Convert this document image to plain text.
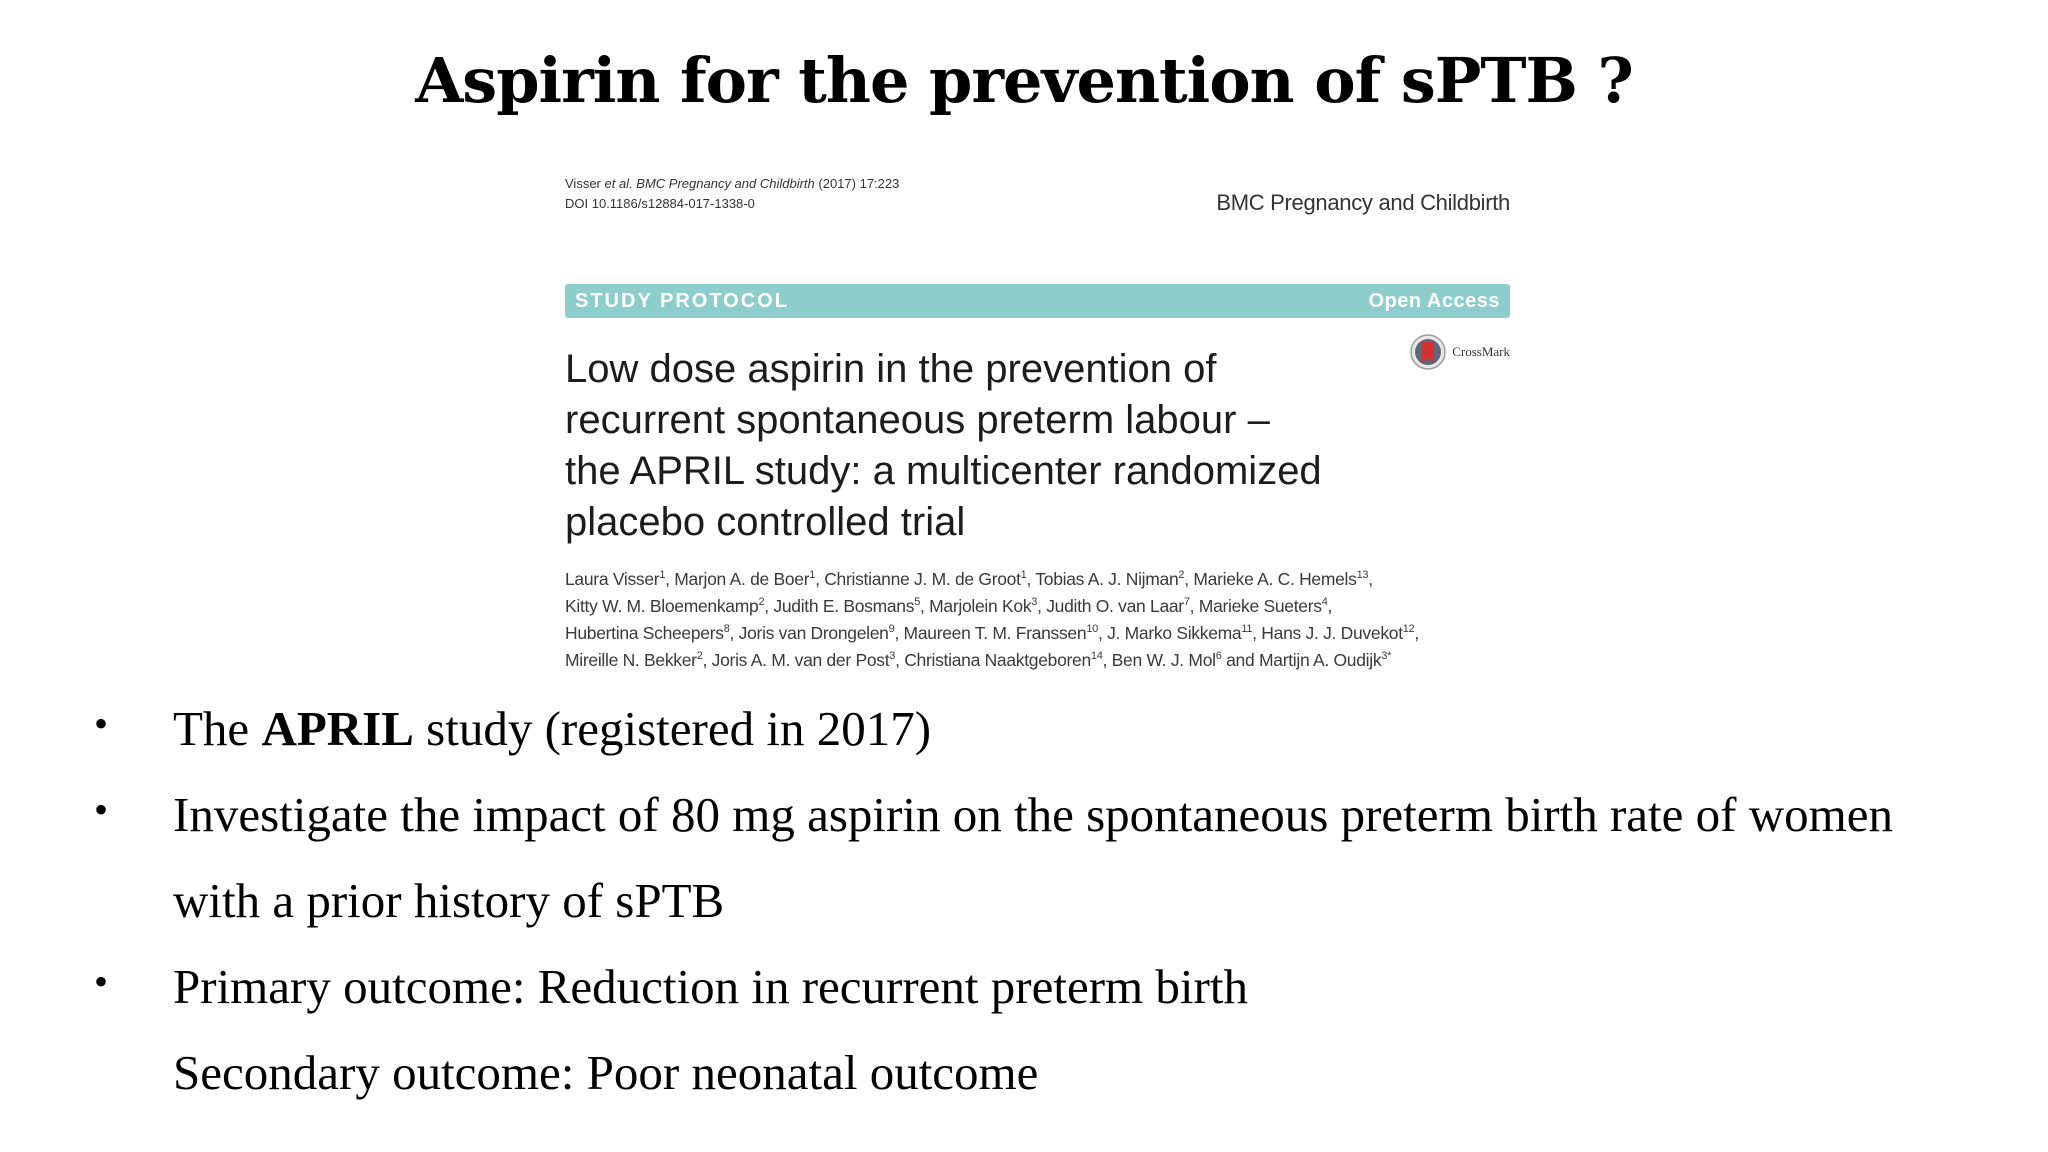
Aspirin for the prevention of sPTB ?
Visser et al. BMC Pregnancy and Childbirth (2017) 17:223
DOI 10.1186/s12884-017-1338-0	BMC Pregnancy and Childbirth
STUDY PROTOCOL	Open Access
CrossMark
Low dose aspirin in the prevention of
recurrent spontaneous preterm labour –
the APRIL study: a multicenter randomized
placebo controlled trial
Laura Visser$^1$, Marjon A. de Boer$^1$, Christianne J. M. de Groot$^1$, Tobias A. J. Nijman$^2$, Marieke A. C. Hemels$^{13}$,
Kitty W. M. Bloemenkamp$^2$, Judith E. Bosmans$^5$, Marjolein Kok$^3$, Judith O. van Laar$^7$, Marieke Sueters$^4$,
Hubertina Scheepers$^8$, Joris van Drongelen$^9$, Maureen T. M. Franssen$^{10}$, J. Marko Sikkema$^{11}$, Hans J. J. Duvekot$^{12}$,
Mireille N. Bekker$^2$, Joris A. M. van der Post$^3$, Christiana Naaktgeboren$^{14}$, Ben W. J. Mol$^6$ and Martijn A. Oudijk$^{3*}$
• The APRIL study (registered in 2017)
• Investigate the impact of 80 mg aspirin on the spontaneous preterm birth rate of women
with a prior history of sPTB
• Primary outcome: Reduction in recurrent preterm birth
Secondary outcome: Poor neonatal outcome
